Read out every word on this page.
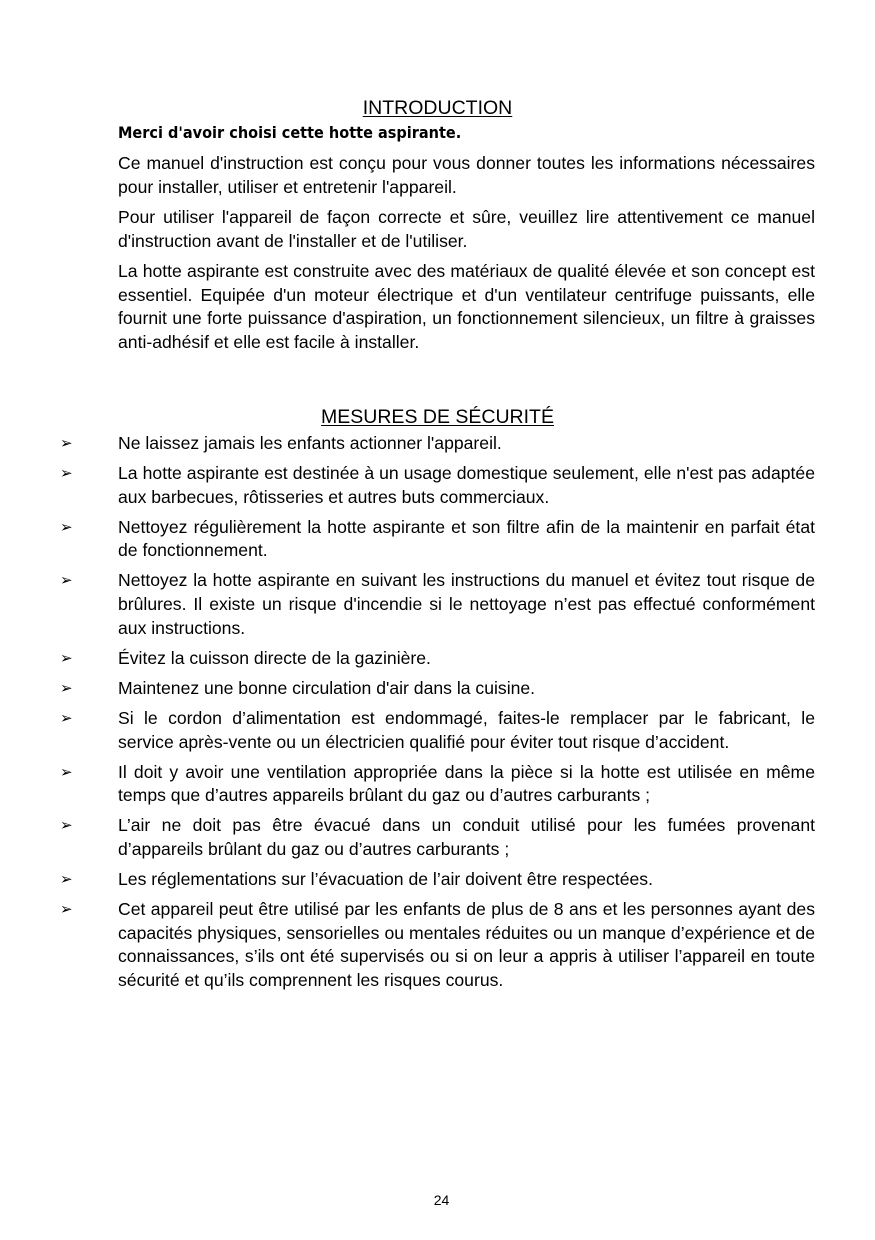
INTRODUCTION
Merci d'avoir choisi cette hotte aspirante.

Ce manuel d'instruction est conçu pour vous donner toutes les informations nécessaires pour installer, utiliser et entretenir l'appareil.

Pour utiliser l'appareil de façon correcte et sûre, veuillez lire attentivement ce manuel d'instruction avant de l'installer et de l'utiliser.

La hotte aspirante est construite avec des matériaux de qualité élevée et son concept est essentiel. Equipée d'un moteur électrique et d'un ventilateur centrifuge puissants, elle fournit une forte puissance d'aspiration, un fonctionnement silencieux, un filtre à graisses anti-adhésif et elle est facile à installer.

MESURES DE SÉCURITÉ
➢	Ne laissez jamais les enfants actionner l'appareil.
➢	La hotte aspirante est destinée à un usage domestique seulement, elle n'est pas adaptée aux barbecues, rôtisseries et autres buts commerciaux.
➢	Nettoyez régulièrement la hotte aspirante et son filtre afin de la maintenir en parfait état de fonctionnement.
➢	Nettoyez la hotte aspirante en suivant les instructions du manuel et évitez tout risque de brûlures. Il existe un risque d'incendie si le nettoyage n’est pas effectué conformément aux instructions.
➢	Évitez la cuisson directe de la gazinière.
➢	Maintenez une bonne circulation d'air dans la cuisine.
➢	Si le cordon d’alimentation est endommagé, faites-le remplacer par le fabricant, le service après-vente ou un électricien qualifié pour éviter tout risque d’accident.
➢	Il doit y avoir une ventilation appropriée dans la pièce si la hotte est utilisée en même temps que d’autres appareils brûlant du gaz ou d’autres carburants ;
➢	L’air ne doit pas être évacué dans un conduit utilisé pour les fumées provenant d’appareils brûlant du gaz ou d’autres carburants ;
➢	Les réglementations sur l’évacuation de l’air doivent être respectées.
➢	Cet appareil peut être utilisé par les enfants de plus de 8 ans et les personnes ayant des capacités physiques, sensorielles ou mentales réduites ou un manque d’expérience et de connaissances, s’ils ont été supervisés ou si on leur a appris à utiliser l’appareil en toute sécurité et qu’ils comprennent les risques courus.
24
